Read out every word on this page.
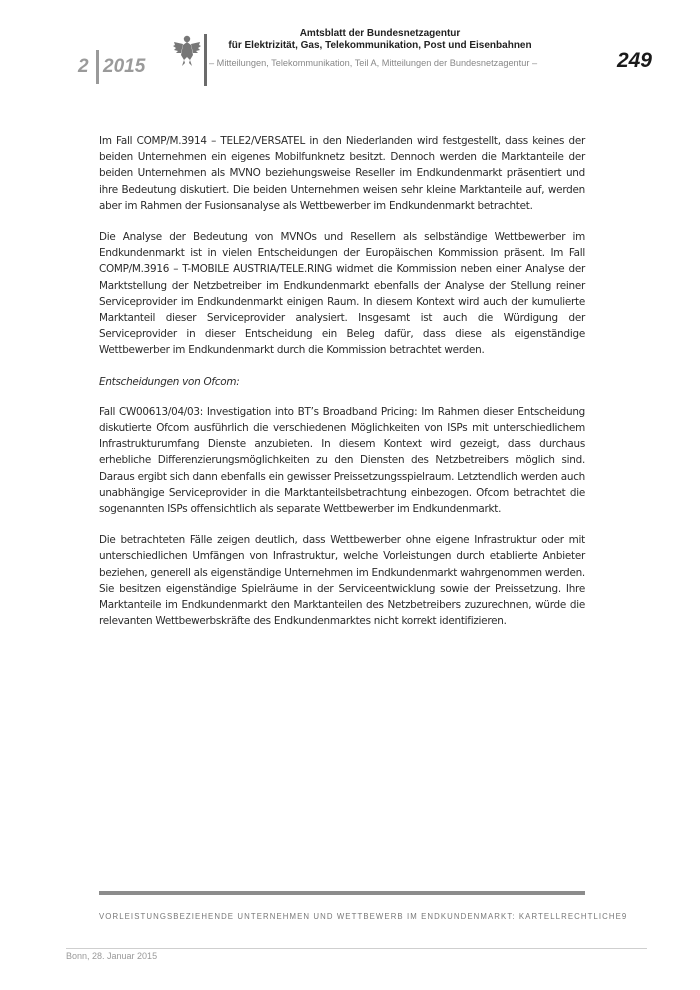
2 2015
Amtsblatt der Bundesnetzagentur
für Elektrizität, Gas, Telekommunikation, Post und Eisenbahnen
– Mitteilungen, Telekommunikation, Teil A, Mitteilungen der Bundesnetzagentur –	249

Im Fall COMP/M.3914 – TELE2/VERSATEL in den Niederlanden wird festgestellt, dass keines der beiden Unternehmen ein eigenes Mobilfunknetz besitzt. Dennoch werden die Marktanteile der beiden Unternehmen als MVNO beziehungsweise Reseller im Endkundenmarkt präsentiert und ihre Bedeutung diskutiert. Die beiden Unternehmen weisen sehr kleine Marktanteile auf, werden aber im Rahmen der Fusionsanalyse als Wettbewerber im Endkundenmarkt betrachtet.

Die Analyse der Bedeutung von MVNOs und Resellern als selbständige Wettbewerber im Endkundenmarkt ist in vielen Entscheidungen der Europäischen Kommission präsent. Im Fall COMP/M.3916 – T-MOBILE AUSTRIA/TELE.RING widmet die Kommission neben einer Analyse der Marktstellung der Netzbetreiber im Endkundenmarkt ebenfalls der Analyse der Stellung reiner Serviceprovider im Endkundenmarkt einigen Raum. In diesem Kontext wird auch der kumulierte Marktanteil dieser Serviceprovider analysiert. Insgesamt ist auch die Würdigung der Serviceprovider in dieser Entscheidung ein Beleg dafür, dass diese als eigenständige Wettbewerber im Endkundenmarkt durch die Kommission betrachtet werden.

Entscheidungen von Ofcom:

Fall CW00613/04/03: Investigation into BT’s Broadband Pricing: Im Rahmen dieser Entscheidung diskutierte Ofcom ausführlich die verschiedenen Möglichkeiten von ISPs mit unterschiedlichem Infrastrukturumfang Dienste anzubieten. In diesem Kontext wird gezeigt, dass durchaus erhebliche Differenzierungsmöglichkeiten zu den Diensten des Netzbetreibers möglich sind. Daraus ergibt sich dann ebenfalls ein gewisser Preissetzungsspielraum. Letztendlich werden auch unabhängige Serviceprovider in die Marktanteilsbetrachtung einbezogen. Ofcom betrachtet die sogenannten ISPs offensichtlich als separate Wettbewerber im Endkundenmarkt.

Die betrachteten Fälle zeigen deutlich, dass Wettbewerber ohne eigene Infrastruktur oder mit unterschiedlichen Umfängen von Infrastruktur, welche Vorleistungen durch etablierte Anbieter beziehen, generell als eigenständige Unternehmen im Endkundenmarkt wahrgenommen werden. Sie besitzen eigenständige Spielräume in der Serviceentwicklung sowie der Preissetzung. Ihre Marktanteile im Endkundenmarkt den Marktanteilen des Netzbetreibers zuzurechnen, würde die relevanten Wettbewerbskräfte des Endkundenmarktes nicht korrekt identifizieren.

VORLEISTUNGSBEZIEHENDE UNTERNEHMEN UND WETTBEWERB IM ENDKUNDENMARKT: KARTELLRECHTLICHE 9
Bonn, 28. Januar 2015
